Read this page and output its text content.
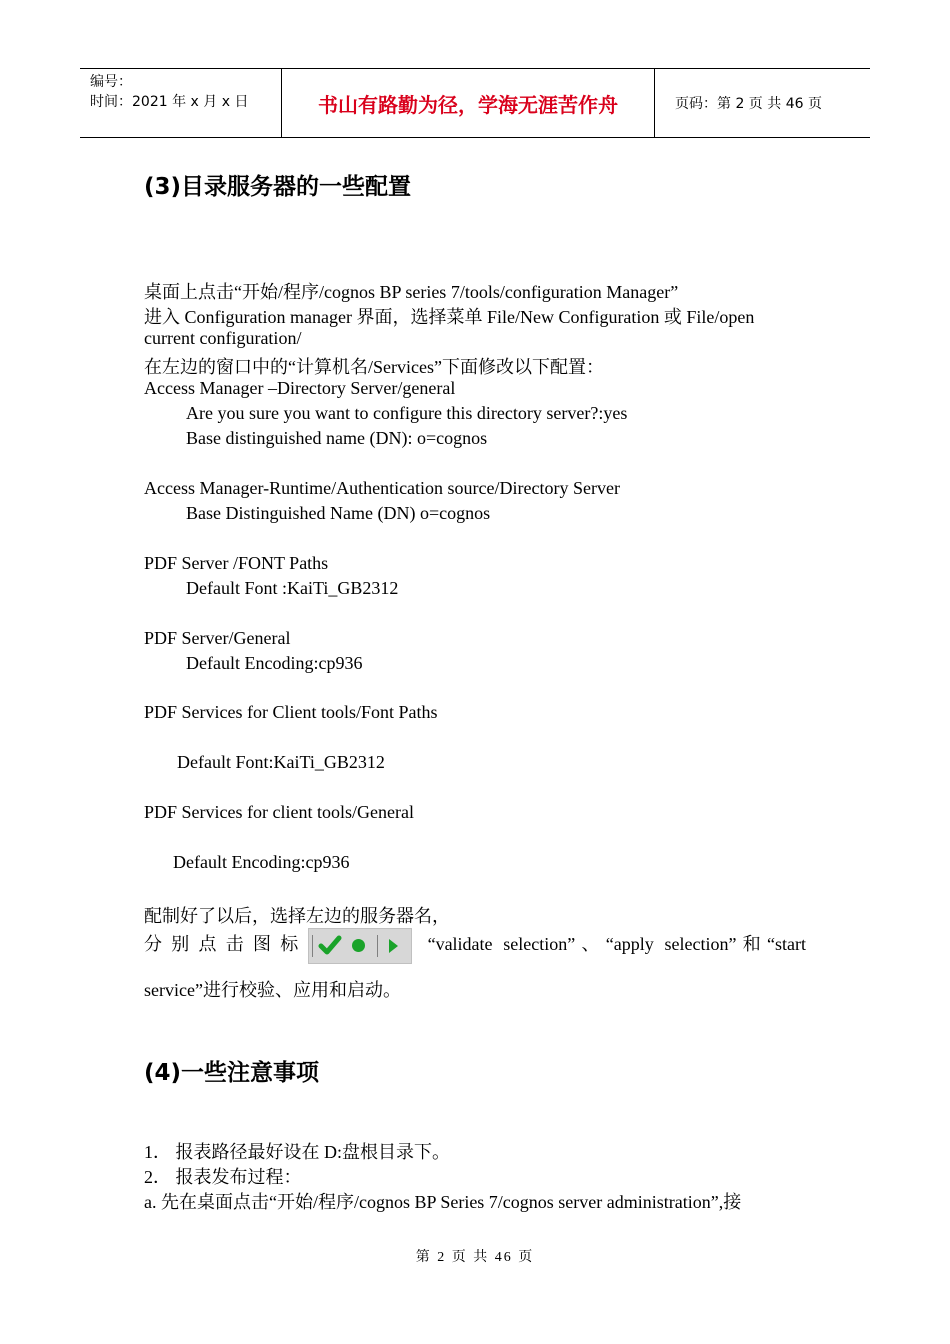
编号：
时间：2021 年 x 月 x 日	书山有路勤为径，学海无涯苦作舟	页码：第 2 页 共 46 页
(3)目录服务器的一些配置
桌面上点击“开始/程序/cognos BP series 7/tools/configuration Manager”
进入 Configuration manager 界面，选择菜单 File/New Configuration 或 File/open
current configuration/
在左边的窗口中的“计算机名/Services”下面修改以下配置：
Access Manager –Directory Server/general
Are you sure you want to configure this directory server?:yes
Base distinguished name (DN): o=cognos
Access Manager-Runtime/Authentication source/Directory Server
Base Distinguished Name (DN) o=cognos
PDF Server /FONT Paths
Default Font :KaiTi_GB2312
PDF Server/General
Default Encoding:cp936
PDF Services for Client tools/Font Paths
Default Font:KaiTi_GB2312
PDF Services for client tools/General
Default Encoding:cp936
配制好了以后，选择左边的服务器名，
分别点击图标	“validate selection”、“apply selection”和“start
service”进行校验、应用和启动。
(4)一些注意事项
1． 报表路径最好设在 D:盘根目录下。
2． 报表发布过程：
a. 先在桌面点击“开始/程序/cognos BP Series 7/cognos server administration”,接
第 2 页 共 46 页
